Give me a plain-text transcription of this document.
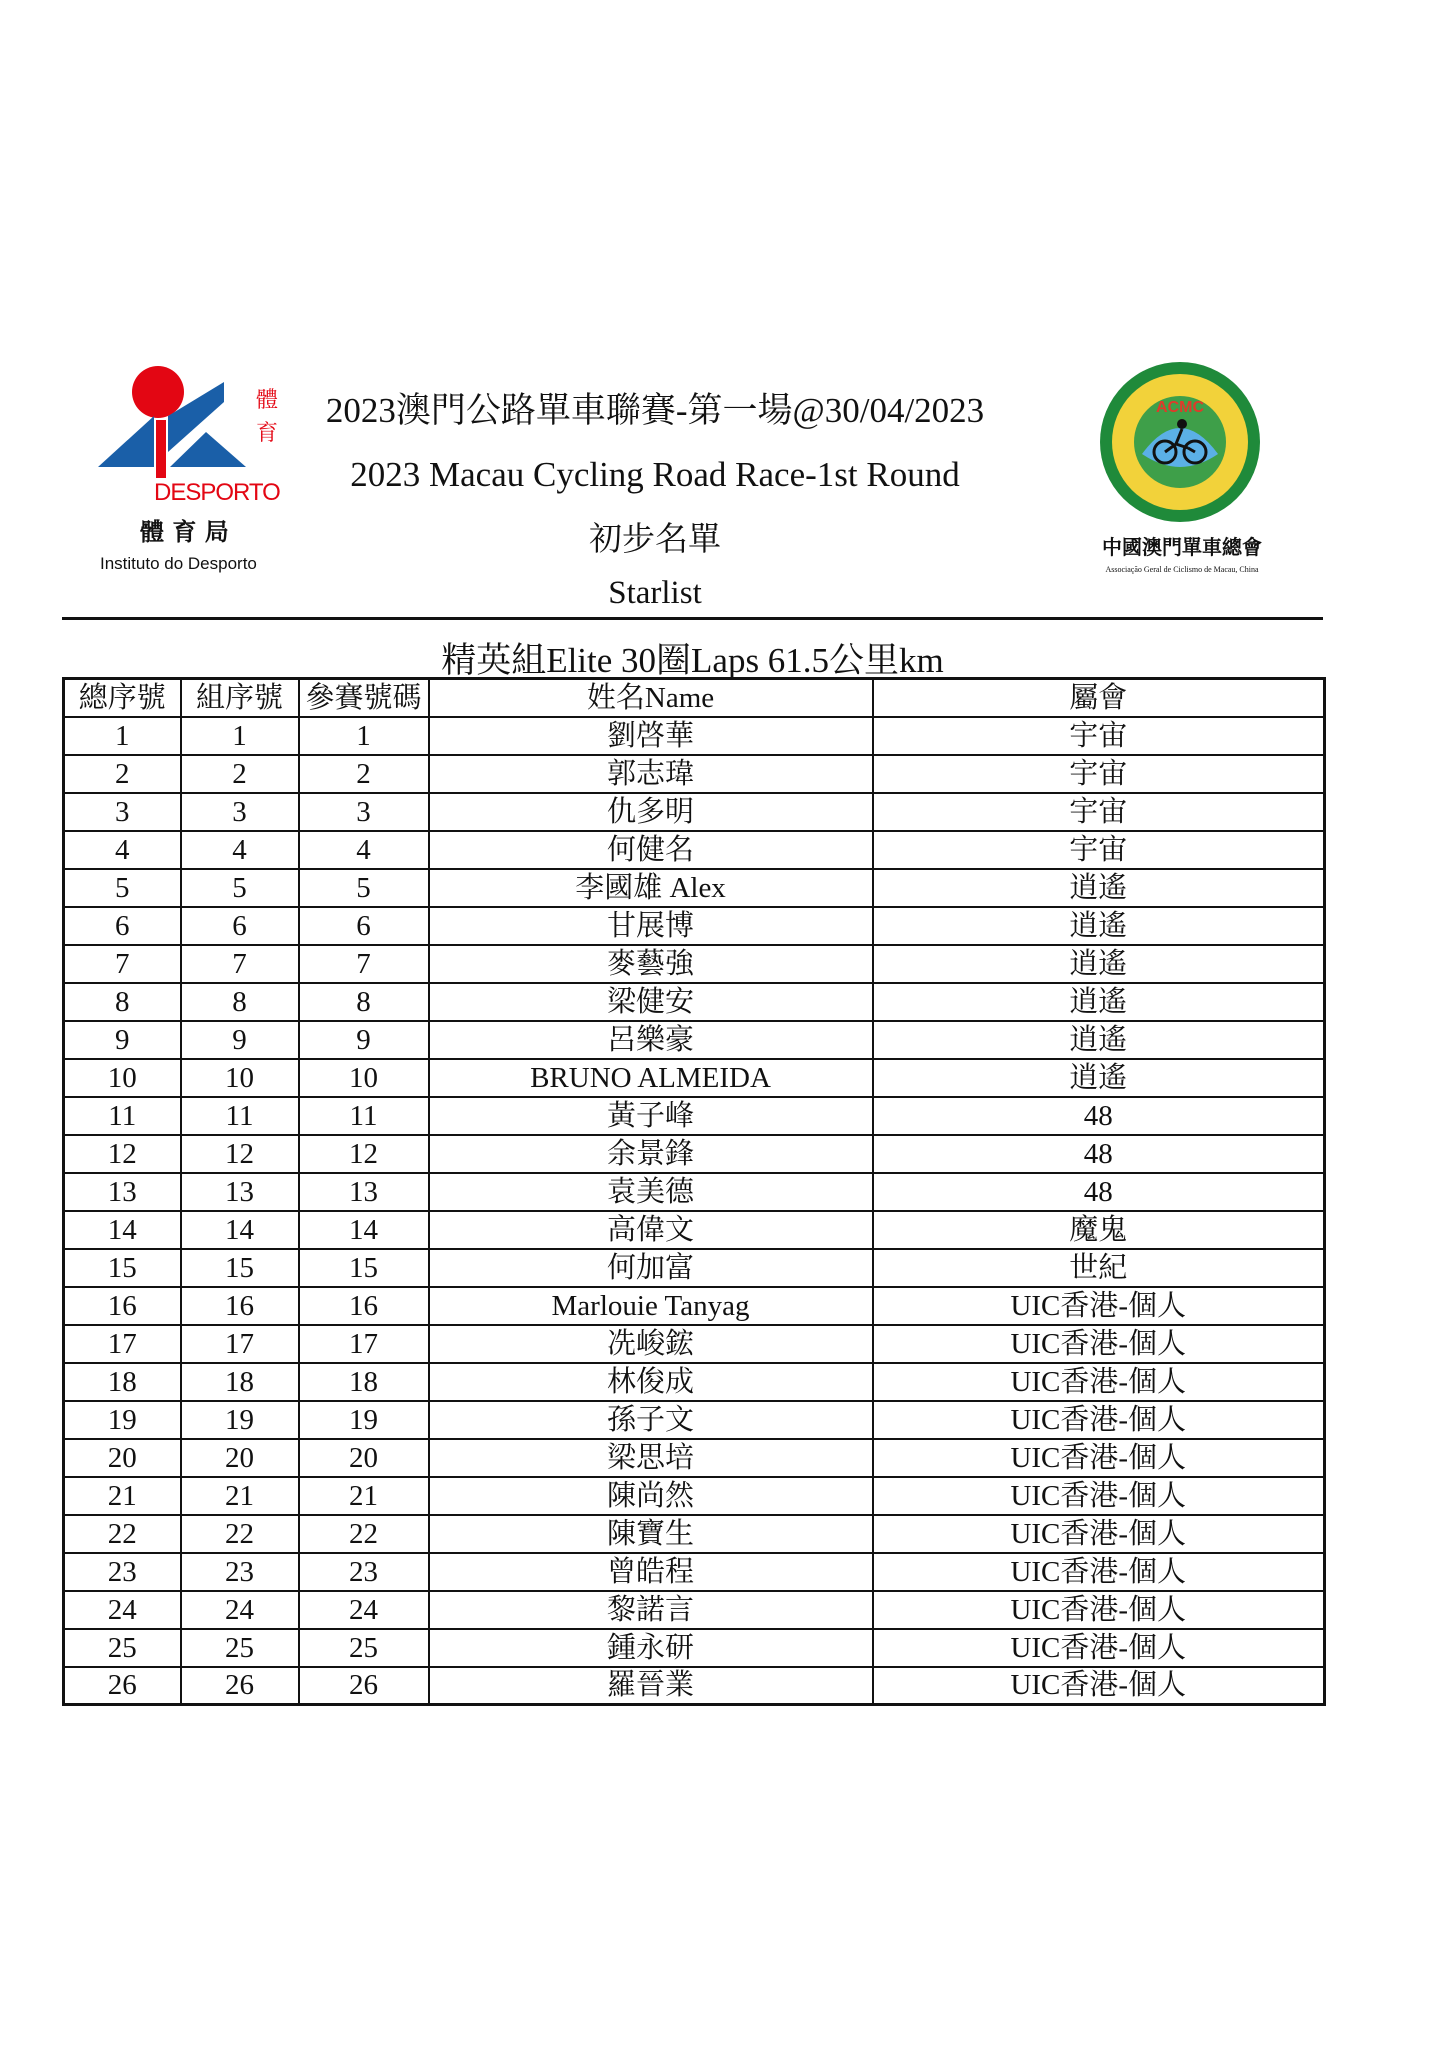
體
育
DESPORTO
體 育 局
Instituto do Desporto
ACMC
中國澳門單車總會
Associação Geral de Ciclismo de Macau, China
2023澳門公路單車聯賽-第一場@30/04/2023
2023 Macau Cycling Road Race-1st Round
初步名單
Starlist
精英組Elite 30圈Laps 61.5公里km
總序號	組序號	參賽號碼	姓名Name	屬會
1	1	1	劉啓華	宇宙
2	2	2	郭志瑋	宇宙
3	3	3	仇多明	宇宙
4	4	4	何健名	宇宙
5	5	5	李國雄 Alex	逍遙
6	6	6	甘展博	逍遙
7	7	7	麥藝強	逍遙
8	8	8	梁健安	逍遙
9	9	9	呂樂豪	逍遙
10	10	10	BRUNO ALMEIDA	逍遙
11	11	11	黃子峰	48
12	12	12	余景鋒	48
13	13	13	袁美德	48
14	14	14	高偉文	魔鬼
15	15	15	何加富	世紀
16	16	16	Marlouie Tanyag	UIC香港-個人
17	17	17	冼峻鋐	UIC香港-個人
18	18	18	林俊成	UIC香港-個人
19	19	19	孫子文	UIC香港-個人
20	20	20	梁思培	UIC香港-個人
21	21	21	陳尚然	UIC香港-個人
22	22	22	陳寶生	UIC香港-個人
23	23	23	曾皓程	UIC香港-個人
24	24	24	黎諾言	UIC香港-個人
25	25	25	鍾永研	UIC香港-個人
26	26	26	羅晉業	UIC香港-個人
